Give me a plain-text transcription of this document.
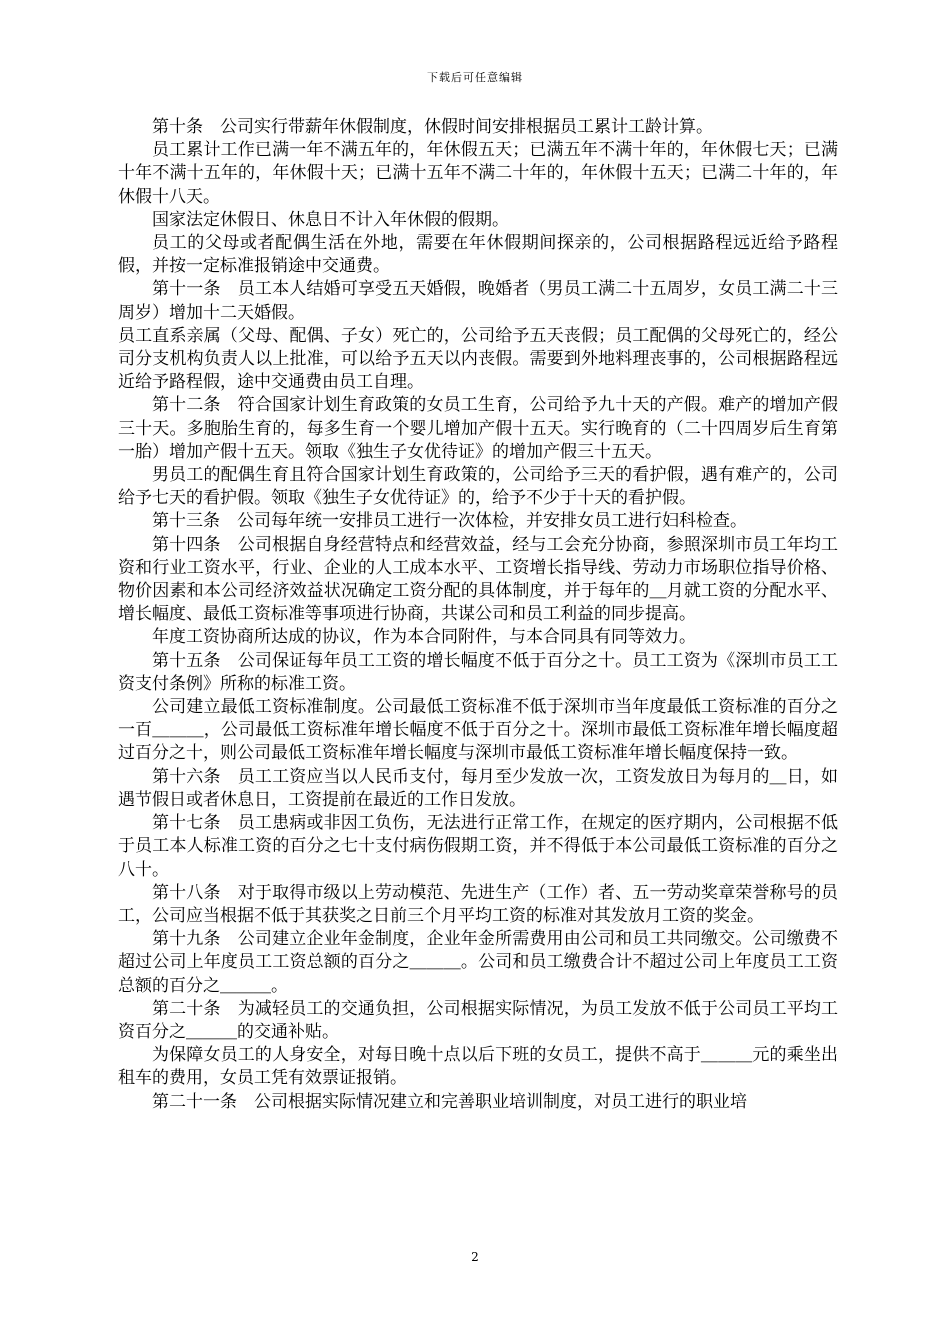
下载后可任意编辑

第十条　公司实行带薪年休假制度，休假时间安排根据员工累计工龄计算。

员工累计工作已满一年不满五年的，年休假五天；已满五年不满十年的，年休假七天；已满十年不满十五年的，年休假十天；已满十五年不满二十年的，年休假十五天；已满二十年的，年休假十八天。

国家法定休假日、休息日不计入年休假的假期。

员工的父母或者配偶生活在外地，需要在年休假期间探亲的，公司根据路程远近给予路程假，并按一定标准报销途中交通费。

第十一条　员工本人结婚可享受五天婚假，晚婚者（男员工满二十五周岁，女员工满二十三周岁）增加十二天婚假。

员工直系亲属（父母、配偶、子女）死亡的，公司给予五天丧假；员工配偶的父母死亡的，经公司分支机构负责人以上批准，可以给予五天以内丧假。需要到外地料理丧事的，公司根据路程远近给予路程假，途中交通费由员工自理。

第十二条　符合国家计划生育政策的女员工生育，公司给予九十天的产假。难产的增加产假三十天。多胞胎生育的，每多生育一个婴儿增加产假十五天。实行晚育的（二十四周岁后生育第一胎）增加产假十五天。领取《独生子女优待证》的增加产假三十五天。

男员工的配偶生育且符合国家计划生育政策的，公司给予三天的看护假，遇有难产的，公司给予七天的看护假。领取《独生子女优待证》的，给予不少于十天的看护假。

第十三条　公司每年统一安排员工进行一次体检，并安排女员工进行妇科检查。

第十四条　公司根据自身经营特点和经营效益，经与工会充分协商，参照深圳市员工年均工资和行业工资水平，行业、企业的人工成本水平、工资增长指导线、劳动力市场职位指导价格、物价因素和本公司经济效益状况确定工资分配的具体制度，并于每年的＿月就工资的分配水平、增长幅度、最低工资标准等事项进行协商，共谋公司和员工利益的同步提高。

年度工资协商所达成的协议，作为本合同附件，与本合同具有同等效力。

第十五条　公司保证每年员工工资的增长幅度不低于百分之十。员工工资为《深圳市员工工资支付条例》所称的标准工资。

公司建立最低工资标准制度。公司最低工资标准不低于深圳市当年度最低工资标准的百分之一百＿＿＿，公司最低工资标准年增长幅度不低于百分之十。深圳市最低工资标准年增长幅度超过百分之十，则公司最低工资标准年增长幅度与深圳市最低工资标准年增长幅度保持一致。

第十六条　员工工资应当以人民币支付，每月至少发放一次，工资发放日为每月的＿日，如遇节假日或者休息日，工资提前在最近的工作日发放。

第十七条　员工患病或非因工负伤，无法进行正常工作，在规定的医疗期内，公司根据不低于员工本人标准工资的百分之七十支付病伤假期工资，并不得低于本公司最低工资标准的百分之八十。

第十八条　对于取得市级以上劳动模范、先进生产（工作）者、五一劳动奖章荣誉称号的员工，公司应当根据不低于其获奖之日前三个月平均工资的标准对其发放月工资的奖金。

第十九条　公司建立企业年金制度，企业年金所需费用由公司和员工共同缴交。公司缴费不超过公司上年度员工工资总额的百分之＿＿＿。公司和员工缴费合计不超过公司上年度员工工资总额的百分之＿＿＿。

第二十条　为减轻员工的交通负担，公司根据实际情况，为员工发放不低于公司员工平均工资百分之＿＿＿的交通补贴。

为保障女员工的人身安全，对每日晚十点以后下班的女员工，提供不高于＿＿＿元的乘坐出租车的费用，女员工凭有效票证报销。

第二十一条　公司根据实际情况建立和完善职业培训制度，对员工进行的职业培

2
